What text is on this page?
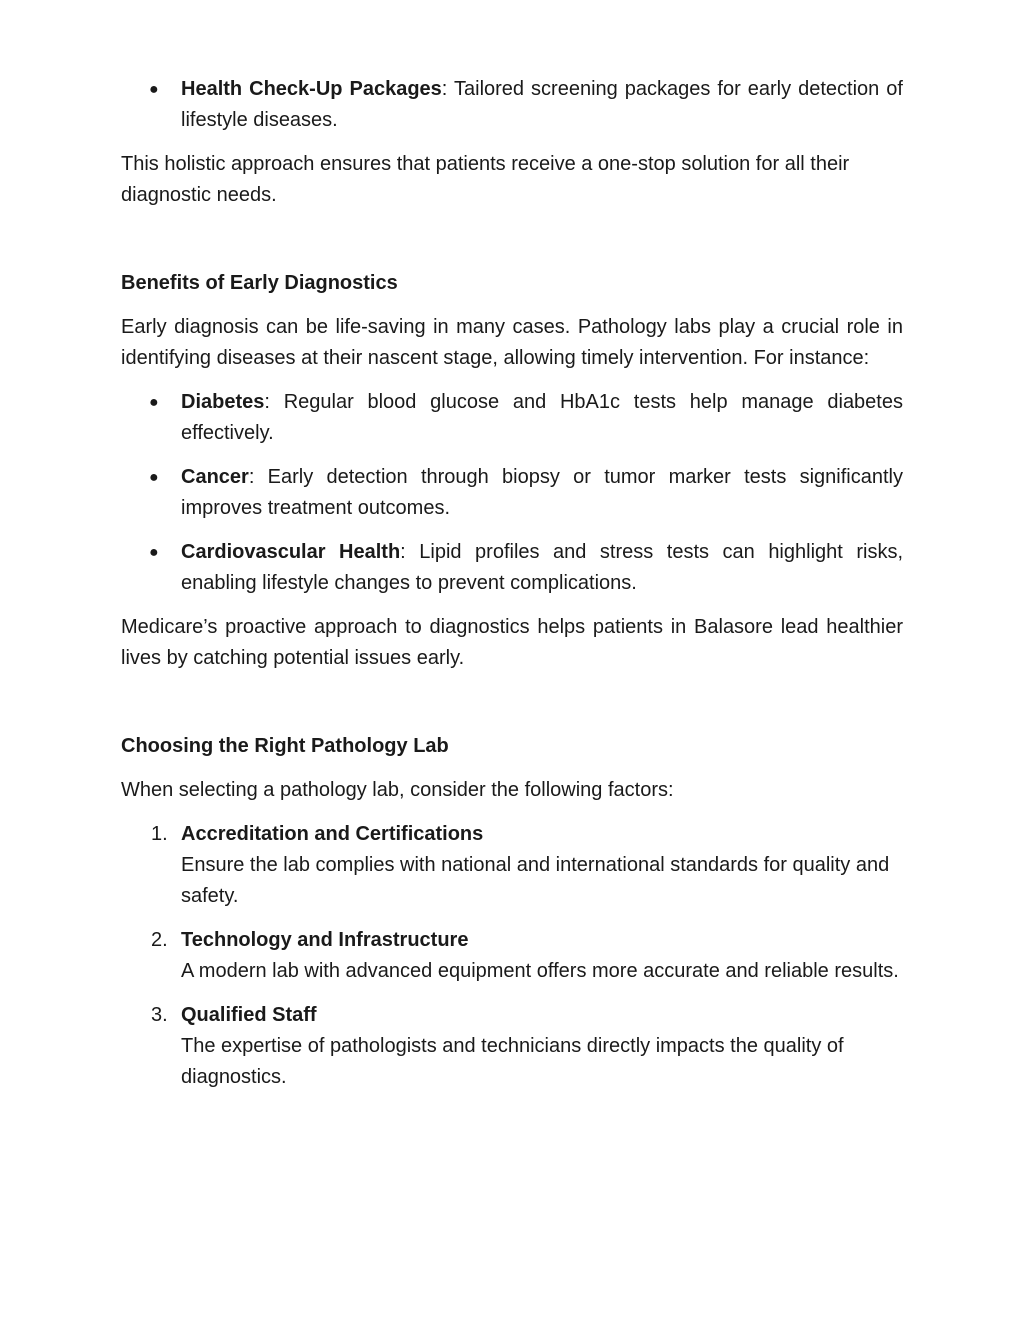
● Health Check-Up Packages: Tailored screening packages for early detection of lifestyle diseases.

This holistic approach ensures that patients receive a one-stop solution for all their diagnostic needs.

Benefits of Early Diagnostics

Early diagnosis can be life-saving in many cases. Pathology labs play a crucial role in identifying diseases at their nascent stage, allowing timely intervention. For instance:

● Diabetes: Regular blood glucose and HbA1c tests help manage diabetes effectively.
● Cancer: Early detection through biopsy or tumor marker tests significantly improves treatment outcomes.
● Cardiovascular Health: Lipid profiles and stress tests can highlight risks, enabling lifestyle changes to prevent complications.

Medicare’s proactive approach to diagnostics helps patients in Balasore lead healthier lives by catching potential issues early.

Choosing the Right Pathology Lab

When selecting a pathology lab, consider the following factors:

1. Accreditation and Certifications
Ensure the lab complies with national and international standards for quality and safety.
2. Technology and Infrastructure
A modern lab with advanced equipment offers more accurate and reliable results.
3. Qualified Staff
The expertise of pathologists and technicians directly impacts the quality of diagnostics.
